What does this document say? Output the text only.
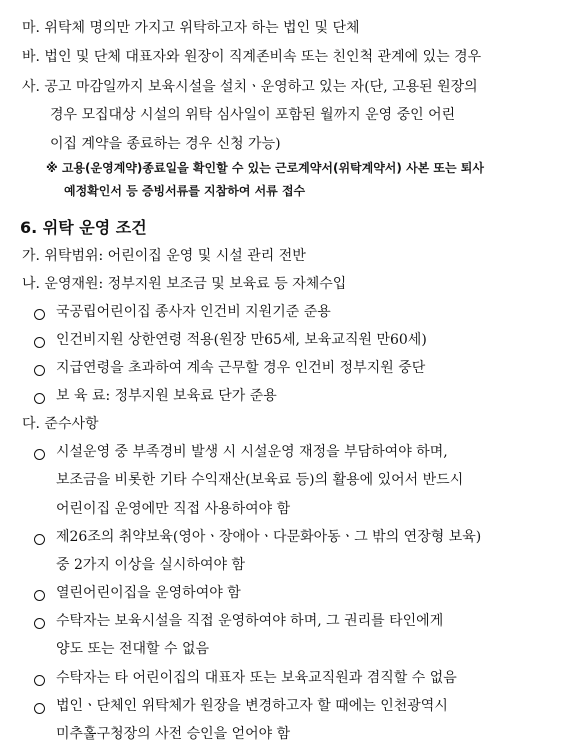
마. 위탁체 명의만 가지고 위탁하고자 하는 법인 및 단체
바. 법인 및 단체 대표자와 원장이 직계존비속 또는 친인척 관계에 있는 경우
사. 공고 마감일까지 보육시설을 설치ㆍ운영하고 있는 자(단, 고용된 원장의
경우 모집대상 시설의 위탁 심사일이 포함된 월까지 운영 중인 어린
이집 계약을 종료하는 경우 신청 가능)
※ 고용(운영계약)종료일을 확인할 수 있는 근로계약서(위탁계약서) 사본 또는 퇴사
예정확인서 등 증빙서류를 지참하여 서류 접수
6. 위탁 운영 조건
가. 위탁범위: 어린이집 운영 및 시설 관리 전반
나. 운영재원: 정부지원 보조금 및 보육료 등 자체수입
국공립어린이집 종사자 인건비 지원기준 준용
인건비지원 상한연령 적용(원장 만65세, 보육교직원 만60세)
지급연령을 초과하여 계속 근무할 경우 인건비 정부지원 중단
보 육 료: 정부지원 보육료 단가 준용
다. 준수사항
시설운영 중 부족경비 발생 시 시설운영 재정을 부담하여야 하며,
보조금을 비롯한 기타 수익재산(보육료 등)의 활용에 있어서 반드시
어린이집 운영에만 직접 사용하여야 함
제26조의 취약보육(영아ㆍ장애아ㆍ다문화아동ㆍ그 밖의 연장형 보육)
중 2가지 이상을 실시하여야 함
열린어린이집을 운영하여야 함
수탁자는 보육시설을 직접 운영하여야 하며, 그 권리를 타인에게
양도 또는 전대할 수 없음
수탁자는 타 어린이집의 대표자 또는 보육교직원과 겸직할 수 없음
법인ㆍ단체인 위탁체가 원장을 변경하고자 할 때에는 인천광역시
미추홀구청장의 사전 승인을 얻어야 함
